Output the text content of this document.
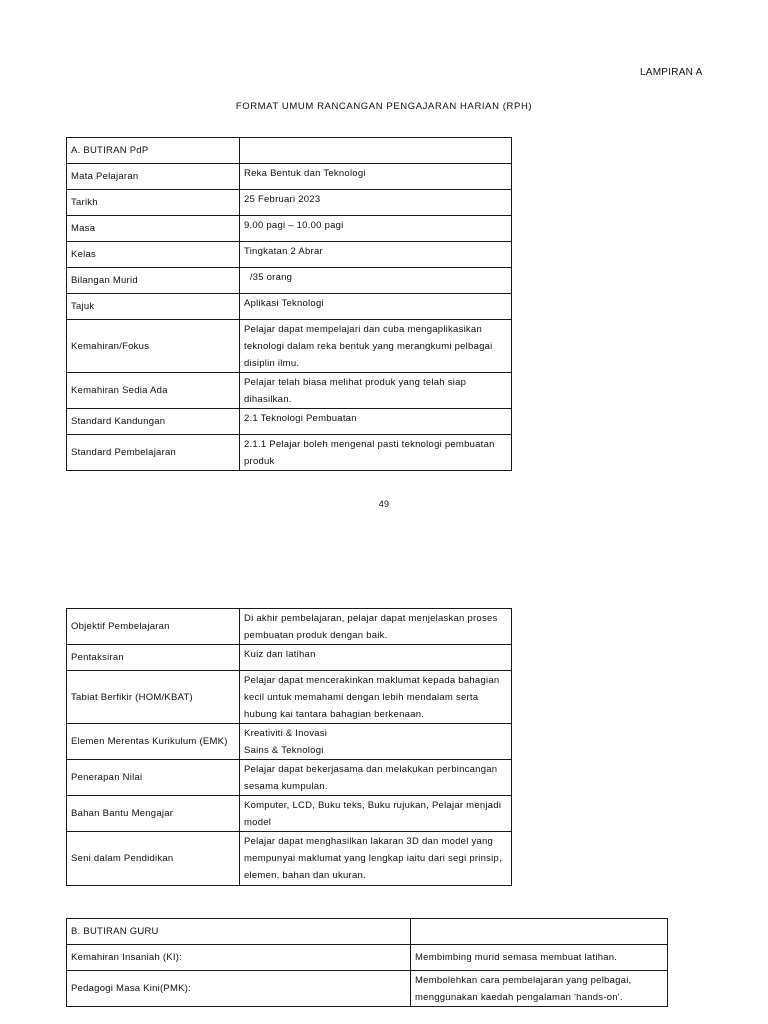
LAMPIRAN A
FORMAT UMUM RANCANGAN PENGAJARAN HARIAN (RPH)
A. BUTIRAN PdP	
Mata Pelajaran	Reka Bentuk dan Teknologi
Tarikh	25 Februari 2023
Masa	9.00 pagi – 10.00 pagi
Kelas	Tingkatan 2 Abrar
Bilangan Murid	/35 orang
Tajuk	Aplikasi Teknologi
Kemahiran/Fokus	Pelajar dapat mempelajari dan cuba mengaplikasikan teknologi dalam reka bentuk yang merangkumi pelbagai disiplin ilmu.
Kemahiran Sedia Ada	Pelajar telah biasa melihat produk yang telah siap dihasilkan.
Standard Kandungan	2.1 Teknologi Pembuatan
Standard Pembelajaran	2.1.1 Pelajar boleh mengenal pasti teknologi pembuatan produk
49
Objektif Pembelajaran	Di akhir pembelajaran, pelajar dapat menjelaskan proses pembuatan produk dengan baik.
Pentaksiran	Kuiz dan latihan
Tabiat Berfikir (HOM/KBAT)	Pelajar dapat mencerakinkan maklumat kepada bahagian kecil untuk memahami dengan lebih mendalam serta hubung kai tantara bahagian berkenaan.
Elemen Merentas Kurikulum (EMK)	Kreativiti & Inovasi
Sains & Teknologi

Penerapan Nilai	Pelajar dapat bekerjasama dan melakukan perbincangan sesama kumpulan.
Bahan Bantu Mengajar	Komputer, LCD, Buku teks, Buku rujukan, Pelajar menjadi model
Seni dalam Pendidikan	Pelajar dapat menghasilkan lakaran 3D dan model yang mempunyai maklumat yang lengkap iaitu dari segi prinsip, elemen, bahan dan ukuran.
B. BUTIRAN GURU	
Kemahiran Insaniah (KI):	Membimbing murid semasa membuat latihan.
Pedagogi Masa Kini(PMK):	Membolehkan cara pembelajaran yang pelbagai, menggunakan kaedah pengalaman 'hands-on'.
